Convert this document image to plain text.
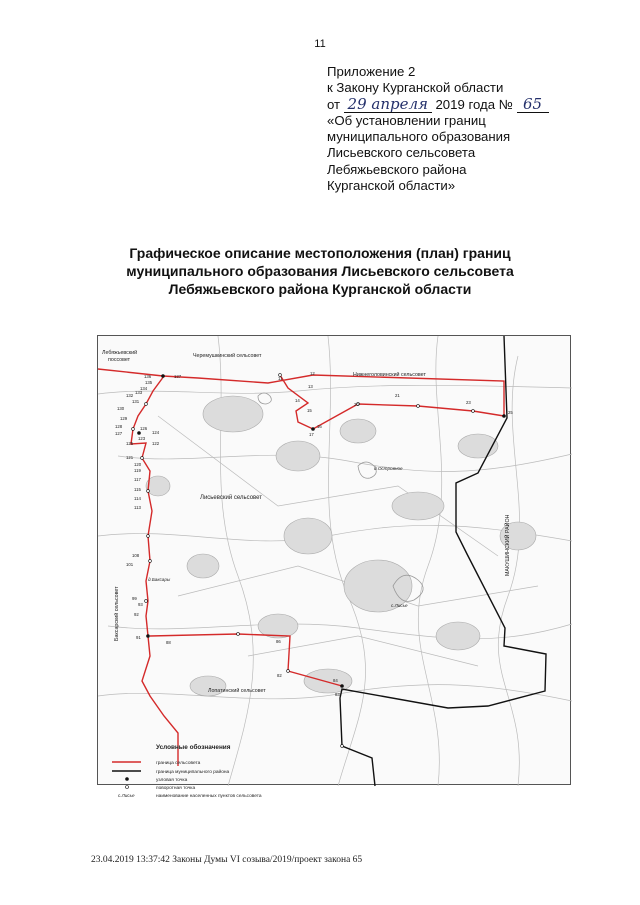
11
Приложение 2
к Закону Курганской области
от 29 апреля 2019 года № 65
«Об установлении границ
муниципального образования
Лисьевского сельсовета
Лебяжьевского района
Курганской области»
Графическое описание местоположения (план) границ
муниципального образования Лисьевского сельсовета
Лебяжьевского района Курганской области
137
136
135
134
133
132
131
130
129
128
127
126
125
124
123
122
121
120
119
117
115
114
113
108
101
99
93
92
91
88	86
84
83
82
11
12
13
14
15
16
17
20
21
23
25
Лебяжьевский
поссовет
Черемушкинский сельсовет
Нижнеголовинский сельсовет
Лисьевский сельсовет
МАКУШИНСКИЙ РАЙОН
Баксарский сельсовет
Лопатинский сельсовет
д.Островное
д.Баксары
с.Лисье
Условные обозначения
граница сельсовета
граница муниципального района
узловая точка
поворотная точка
с.Лисье	наименование населенных пунктов сельсовета
23.04.2019 13:37:42 Законы Думы VI созыва/2019/проект закона 65
